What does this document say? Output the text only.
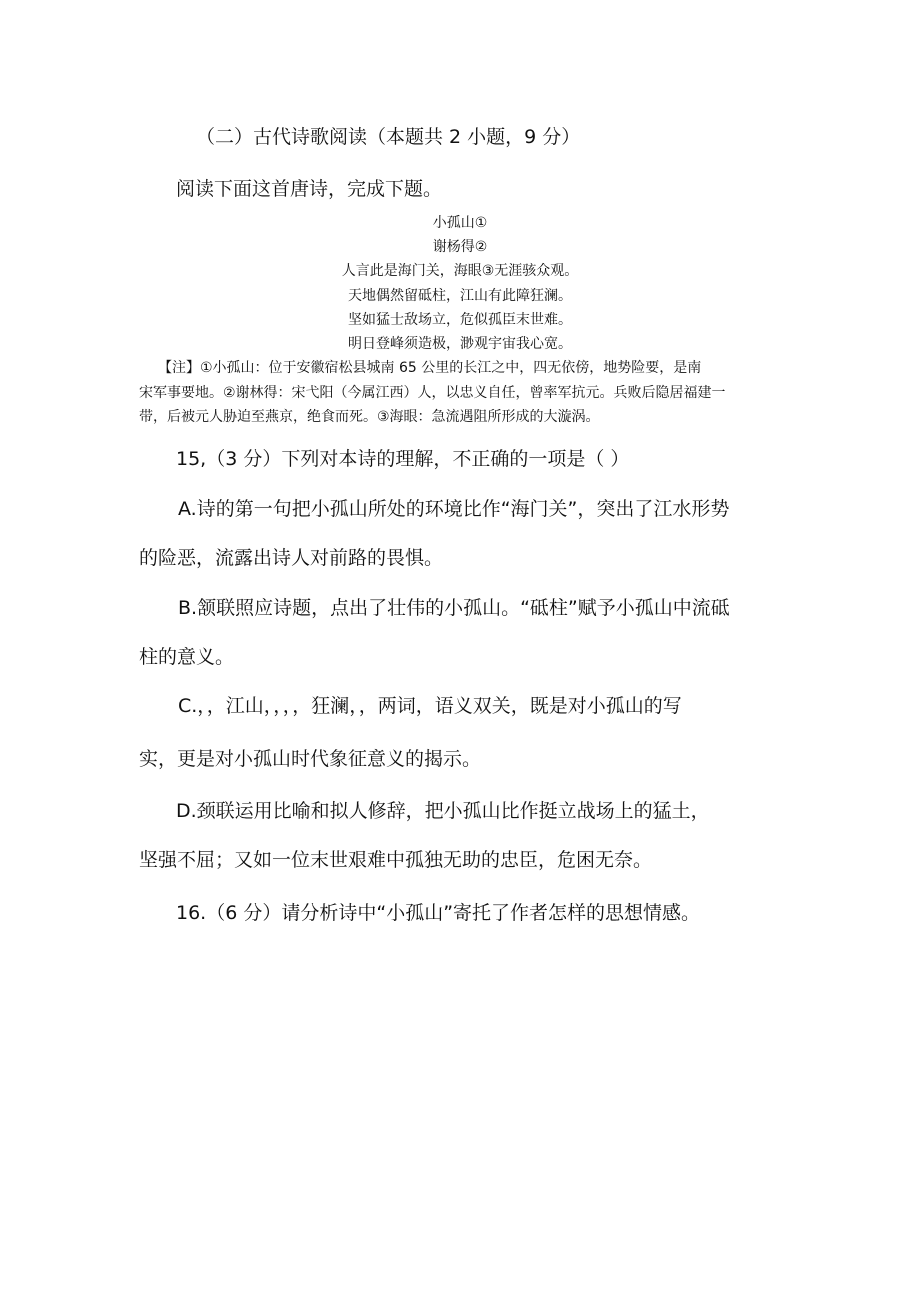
（二）古代诗歌阅读（本题共 2 小题，9 分）

阅读下面这首唐诗，完成下题。

小孤山①

谢杨得②

人言此是海门关，海眼③无涯骇众观。

天地偶然留砥柱，江山有此障狂澜。

坚如猛士敌场立，危似孤臣末世难。

明日登峰须造极，渺观宇宙我心宽。

【注】①小孤山：位于安徽宿松县城南 65 公里的长江之中，四无依傍，地势险要，是南

宋军事要地。②谢林得：宋弋阳（今属江西）人，以忠义自任，曾率军抗元。兵败后隐居福建一

带，后被元人胁迫至燕京，绝食而死。③海眼：急流遇阻所形成的大漩涡。

15,（3 分）下列对本诗的理解，不正确的一项是（ ）

A.诗的第一句把小孤山所处的环境比作“海门关”，突出了江水形势

的险恶，流露出诗人对前路的畏惧。

B.颔联照应诗题，点出了壮伟的小孤山。“砥柱”赋予小孤山中流砥

柱的意义。

C.，，江山，，，，狂澜，，两词，语义双关，既是对小孤山的写

实，更是对小孤山时代象征意义的揭示。

D.颈联运用比喻和拟人修辞，把小孤山比作挺立战场上的猛土，

坚强不屈；又如一位末世艰难中孤独无助的忠臣，危困无奈。

16.（6 分）请分析诗中“小孤山”寄托了作者怎样的思想情感。
